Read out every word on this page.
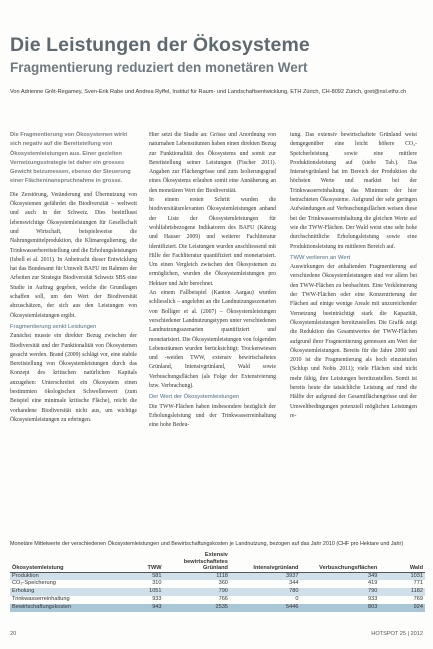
Die Leistungen der Ökosysteme
Fragmentierung reduziert den monetären Wert
Von Adrienne Grêt-Regamey, Sven-Erik Rabe und Andrea Ryffel, Institut für Raum- und Landschaftsentwicklung, ETH Zürich, CH-8092 Zürich, gret@nsl.ethz.ch

Die Fragmentierung von Ökosystemen wirkt sich negativ auf die Bereitstellung von Ökosystemleistungen aus. Einer gezielten Vernetzungsstrategie ist daher ein grosses Gewicht beizumessen, ebenso der Steuerung einer Flächeninanspruchnahme in grosse.

Die Zerstörung, Veränderung und Übernutzung von Ökosystemen gefährdet die Biodiversität – weltweit und auch in der Schweiz. Dies beeinflusst lebenswichtige Ökosystemleistungen für Gesellschaft und Wirtschaft, beispielsweise die Nahrungsmittelproduktion, die Klimaregulierung, die Trinkwasserbereitstellung und die Erholungsleistungen (Isbell et al. 2011). In Anbetracht dieser Entwicklung hat das Bundesamt für Umwelt BAFU im Rahmen der Arbeiten zur Strategie Biodiversität Schweiz SBS eine Studie in Auftrag gegeben, welche die Grundlagen schaffen soll, um den Wert der Biodiversität abzuschätzen, der sich aus den Leistungen von Ökosystemleistungen ergibt.

Fragmentierung senkt Leistungen

Zunächst musste ein direkter Bezug zwischen der Biodiversität und der Funktionalität von Ökosystemen gesucht werden. Brand (2009) schlägt vor, eine stabile Bereitstellung von Ökosystemleistungen durch das Konzept des kritischen natürlichen Kapitals anzugehen: Unterschreitet ein Ökosystem einen bestimmten ökologischen Schwellenwert (zum Beispiel eine minimale kritische Fläche), reicht die vorhandene Biodiversität nicht aus, um wichtige Ökosystemleistungen zu erbringen.

Hier setzt die Studie an: Grösse und Anordnung von naturnahen Lebensräumen haben einen direkten Bezug zur Funktionalität des Ökosystems und somit zur Bereitstellung seiner Leistungen (Fischer 2011). Angaben zur Flächengrösse und zum Isolierungsgrad eines Ökosystems erlauben somit eine Annäherung an den monetären Wert der Biodiversität.

In einem ersten Schritt wurden die biodiversitätsrelevanten Ökosystemleistungen anhand der Liste der Ökosystemleistungen für wohlfahrtsbezogene Indikatoren des BAFU (Känzig und Hauser 2009) und weiterer Fachliteratur identifiziert. Die Leistungen wurden anschliessend mit Hilfe der Fachliteratur quantifiziert und monetarisiert. Um einen Vergleich zwischen den Ökosystemen zu ermöglichen, wurden die Ökosystemleistungen pro Hektare und Jahr berechnet.

An einem Fallbeispiel (Kanton Aargau) wurden schliesslich – angelehnt an die Landnutzungsszenarien von Bolliger et al. (2007) – Ökosystemleistungen verschiedener Landnutzungstypen unter verschiedenen Landnutzungsszenarien quantifiziert und monetarisiert. Die Ökosystemleistungen von folgenden Lebensräumen wurden berücksichtigt: Trockenwiesen und -weiden TWW, extensiv bewirtschaftetes Grünland, Intensivgrünland, Wald sowie Verbuschungsflächen (als Folge der Extensivierung bzw. Verbrachung).

Der Wert der Ökosystemleistungen

Die TWW-Flächen haben insbesondere bezüglich der Erholungsleistung und der Trinkwasserreinhaltung eine hohe Bedeu-

tung. Das extensiv bewirtschaftete Grünland weist demgegenüber eine leicht höhere CO₂-Speicherleistung sowie eine mittlere Produktionsleistung auf (siehe Tab.). Das Intensivgrünland hat im Bereich der Produktion die höchsten Werte und marktet bei der Trinkwasserreinhaltung das Minimum der hier betrachteten Ökosysteme. Aufgrund der sehr geringen Aufwändungen auf Verbuschungsflächen weisen diese bei der Trinkwasserreinhaltung die gleichen Werte auf wie die TWW-Flächen. Der Wald weist eine sehr hohe durchschnittliche Erholungsleistung sowie eine Produktionsleistung im mittleren Bereich auf.

TWW verlieren an Wert

Auswirkungen der anhaltenden Fragmentierung auf verschiedene Ökosystemleistungen sind vor allem bei den TWW-Flächen zu beobachten. Eine Verkleinerung der TWW-Flächen oder eine Konzentrierung der Flächen auf einige wenige Areale mit unzureichender Vernetzung beeinträchtigt stark die Kapazität, Ökosystemleistungen bereitzustellen. Die Grafik zeigt die Reduktion des Gesamtwertes der TWW-Flächen aufgrund ihrer Fragmentierung gemessen am Wert der Ökosystemleistungen. Bereits für die Jahre 2000 und 2010 ist die Fragmentierung als hoch einzustufen (Schlup und Nobis 2011); viele Flächen sind nicht mehr fähig, ihre Leistungen bereitzustellen. Somit ist bereits heute die tatsächliche Leistung auf rund die Hälfte der aufgrund der Gesamtflächengrösse und der Umweltbedingungen potenziell möglichen Leistungen re-

Monetäre Mittelwerte der verschiedenen Ökosystemleistungen und Bewirtschaftungskosten je Landnutzung, bezogen auf das Jahr 2010 (CHF pro Hektare und Jahr)
Ökosystemleistung	TWW	Extensiv bewirtschaftetes Grünland	Intensivgrünland	Verbuschungsflächen	Wald
Produktion	581	1118	3937	349	1031
CO₂-Speicherung	310	360	344	419	771
Erholung	1051	790	780	790	1182
Trinkwasserreinhaltung	933	766	0	933	769
Bewirtschaftungskosten	943	2535	5446	803	924
20	HOTSPOT 25 | 2012
